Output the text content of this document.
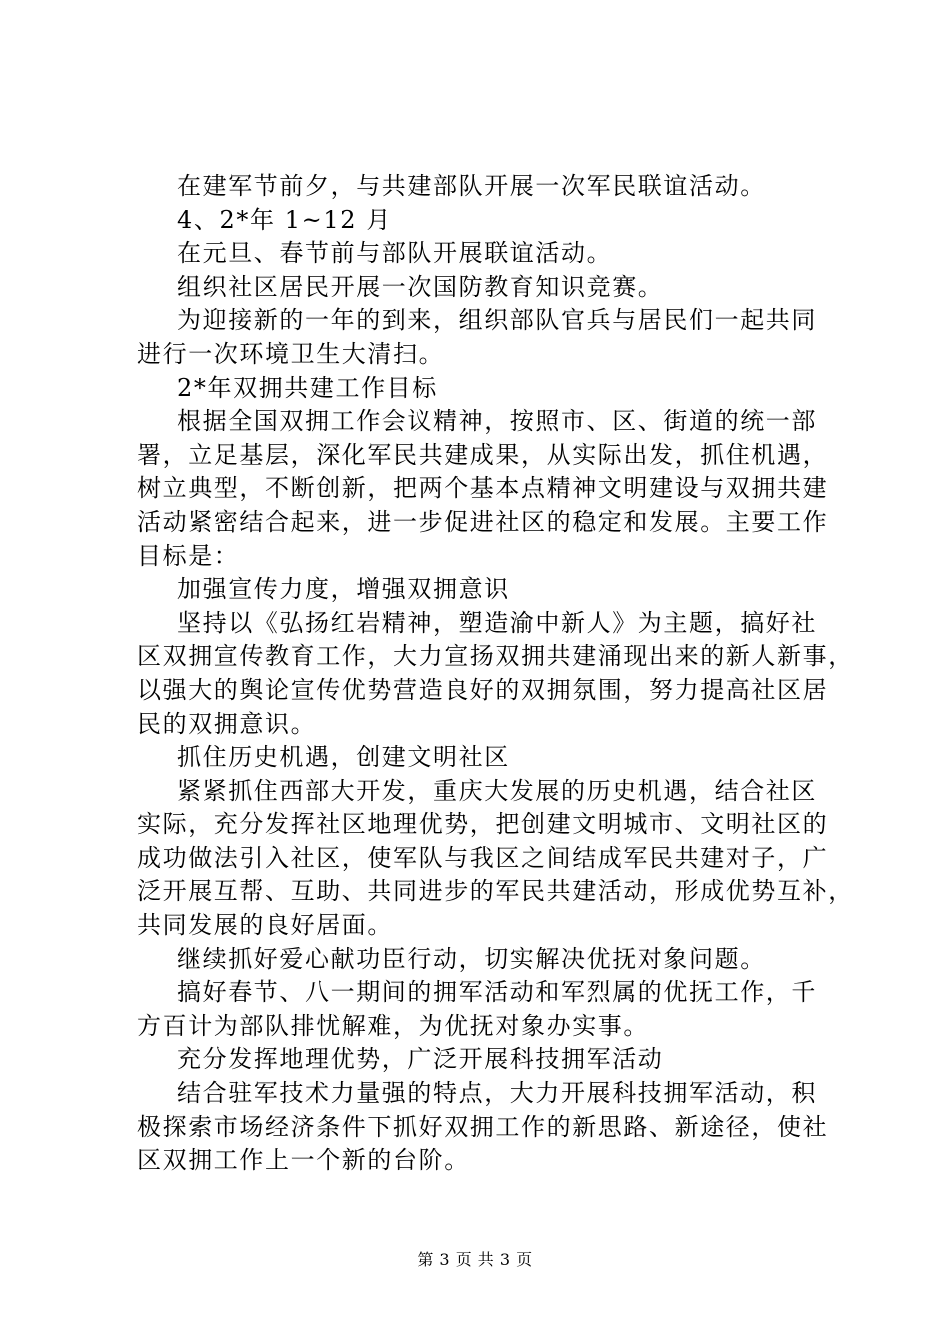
在建军节前夕，与共建部队开展一次军民联谊活动。
4、2*年 1~12 月
在元旦、春节前与部队开展联谊活动。
组织社区居民开展一次国防教育知识竞赛。
为迎接新的一年的到来，组织部队官兵与居民们一起共同
进行一次环境卫生大清扫。
2*年双拥共建工作目标
根据全国双拥工作会议精神，按照市、区、街道的统一部
署，立足基层，深化军民共建成果，从实际出发，抓住机遇，
树立典型，不断创新，把两个基本点精神文明建设与双拥共建
活动紧密结合起来，进一步促进社区的稳定和发展。主要工作
目标是：
加强宣传力度，增强双拥意识
坚持以《弘扬红岩精神，塑造渝中新人》为主题，搞好社
区双拥宣传教育工作，大力宣扬双拥共建涌现出来的新人新事，
以强大的舆论宣传优势营造良好的双拥氛围，努力提高社区居
民的双拥意识。
抓住历史机遇，创建文明社区
紧紧抓住西部大开发，重庆大发展的历史机遇，结合社区
实际，充分发挥社区地理优势，把创建文明城市、文明社区的
成功做法引入社区，使军队与我区之间结成军民共建对子，广
泛开展互帮、互助、共同进步的军民共建活动，形成优势互补，
共同发展的良好居面。
继续抓好爱心献功臣行动，切实解决优抚对象问题。
搞好春节、八一期间的拥军活动和军烈属的优抚工作，千
方百计为部队排忧解难，为优抚对象办实事。
充分发挥地理优势，广泛开展科技拥军活动
结合驻军技术力量强的特点，大力开展科技拥军活动，积
极探索市场经济条件下抓好双拥工作的新思路、新途径，使社
区双拥工作上一个新的台阶。
第 3 页 共 3 页
